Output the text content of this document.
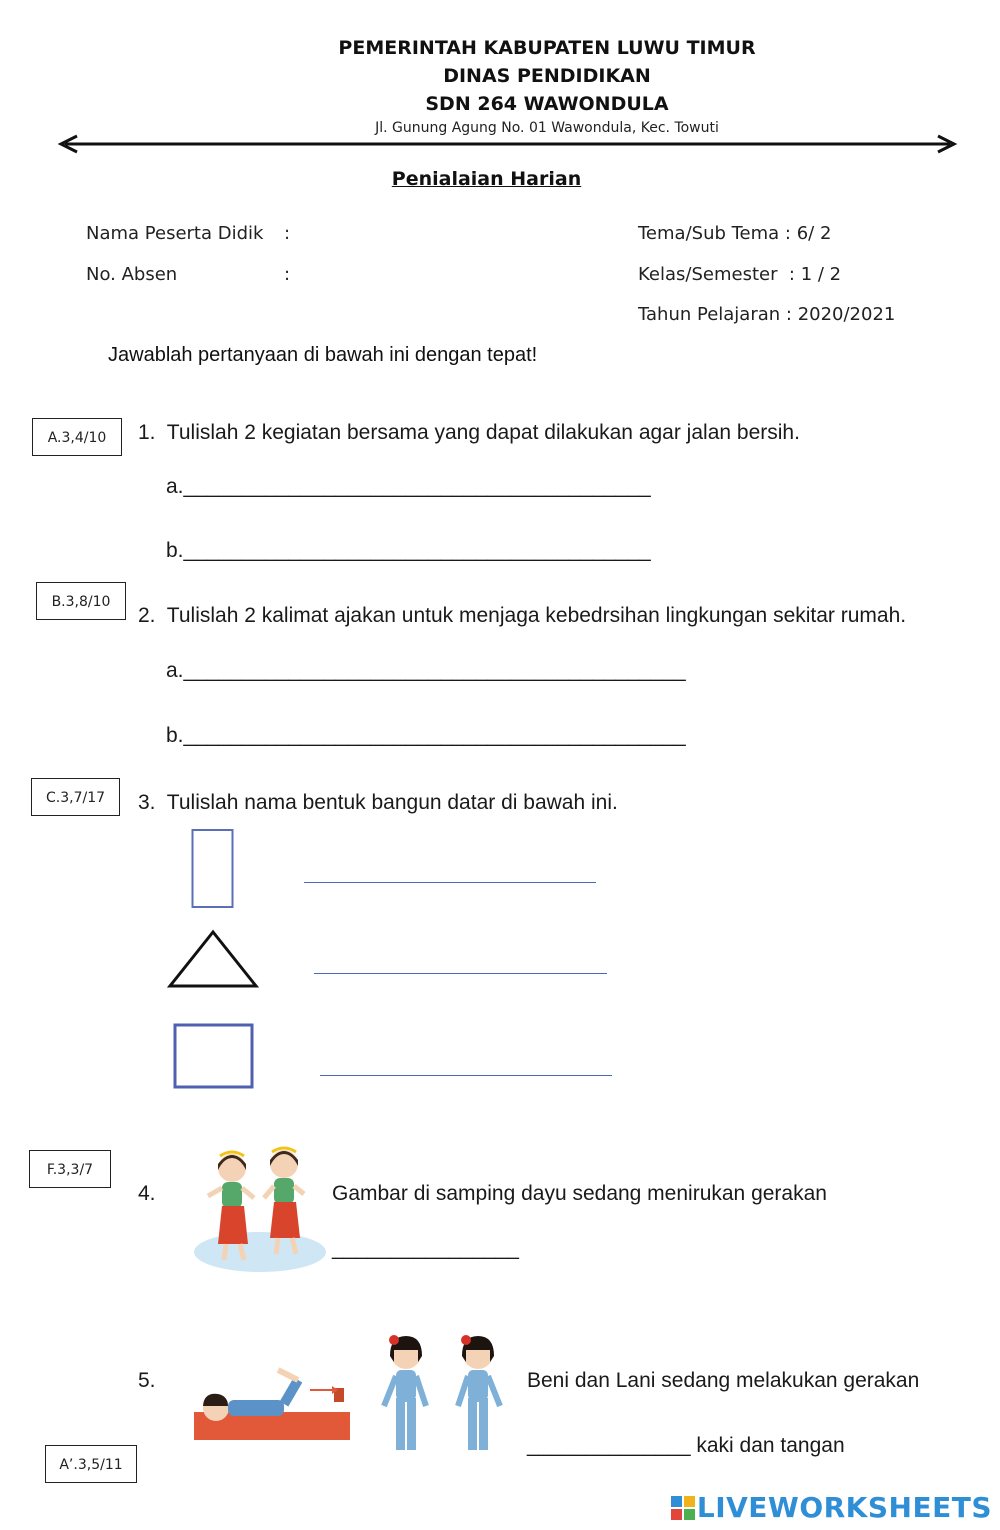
PEMERINTAH KABUPATEN LUWU TIMUR
DINAS PENDIDIKAN
SDN 264 WAWONDULA
Jl. Gunung Agung No. 01 Wawondula, Kec. Towuti
Penialaian Harian
Nama Peserta Didik :
No. Absen	:
Tema/Sub Tema : 6/ 2
Kelas/Semester  : 1 / 2
Tahun Pelajaran : 2020/2021
Jawablah pertanyaan di bawah ini dengan tepat!
A.3,4/10	1.  Tulislah 2 kegiatan bersama yang dapat dilakukan agar jalan bersih.
a.________________________________________
b.________________________________________
B.3,8/10
2.  Tulislah 2 kalimat ajakan untuk menjaga kebedrsihan lingkungan sekitar rumah.
a.___________________________________________
b.___________________________________________
C.3,7/17	3.  Tulislah nama bentuk bangun datar di bawah ini.
F.3,3/7
4.	Gambar di samping dayu sedang menirukan gerakan
________________
5.	Beni dan Lani sedang melakukan gerakan
______________ kaki dan tangan
A’.3,5/11
LIVEWORKSHEETS
